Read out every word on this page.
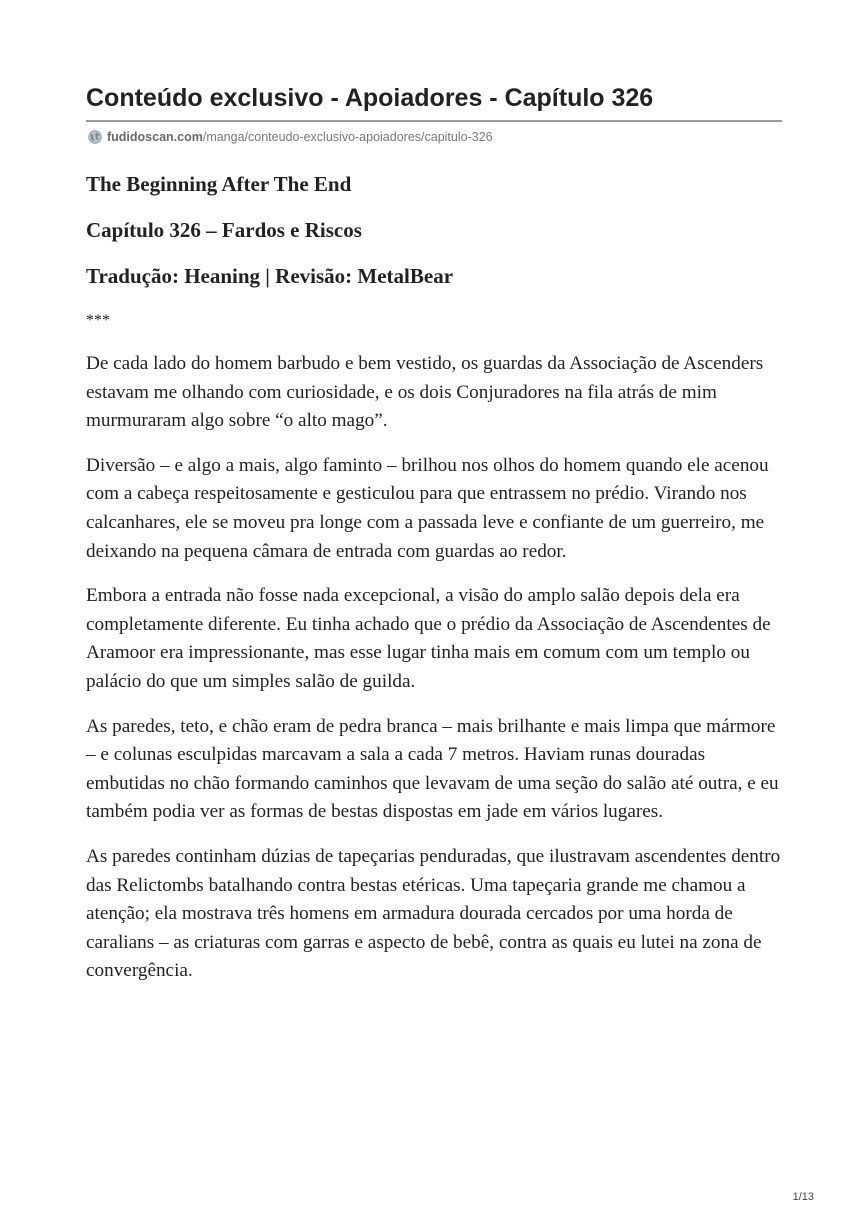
Conteúdo exclusivo - Apoiadores - Capítulo 326
fudidoscan.com /manga/conteudo-exclusivo-apoiadores/capitulo-326

The Beginning After The End

Capítulo 326 – Fardos e Riscos

Tradução: Heaning | Revisão: MetalBear

***

De cada lado do homem barbudo e bem vestido, os guardas da Associação de Ascenders estavam me olhando com curiosidade, e os dois Conjuradores na fila atrás de mim murmuraram algo sobre “o alto mago”.

Diversão – e algo a mais, algo faminto – brilhou nos olhos do homem quando ele acenou com a cabeça respeitosamente e gesticulou para que entrassem no prédio. Virando nos calcanhares, ele se moveu pra longe com a passada leve e confiante de um guerreiro, me deixando na pequena câmara de entrada com guardas ao redor.

Embora a entrada não fosse nada excepcional, a visão do amplo salão depois dela era completamente diferente. Eu tinha achado que o prédio da Associação de Ascendentes de Aramoor era impressionante, mas esse lugar tinha mais em comum com um templo ou palácio do que um simples salão de guilda.

As paredes, teto, e chão eram de pedra branca – mais brilhante e mais limpa que mármore – e colunas esculpidas marcavam a sala a cada 7 metros. Haviam runas douradas embutidas no chão formando caminhos que levavam de uma seção do salão até outra, e eu também podia ver as formas de bestas dispostas em jade em vários lugares.

As paredes continham dúzias de tapeçarias penduradas, que ilustravam ascendentes dentro das Relictombs batalhando contra bestas etéricas. Uma tapeçaria grande me chamou a atenção; ela mostrava três homens em armadura dourada cercados por uma horda de caralians – as criaturas com garras e aspecto de bebê, contra as quais eu lutei na zona de convergência.

1/13
